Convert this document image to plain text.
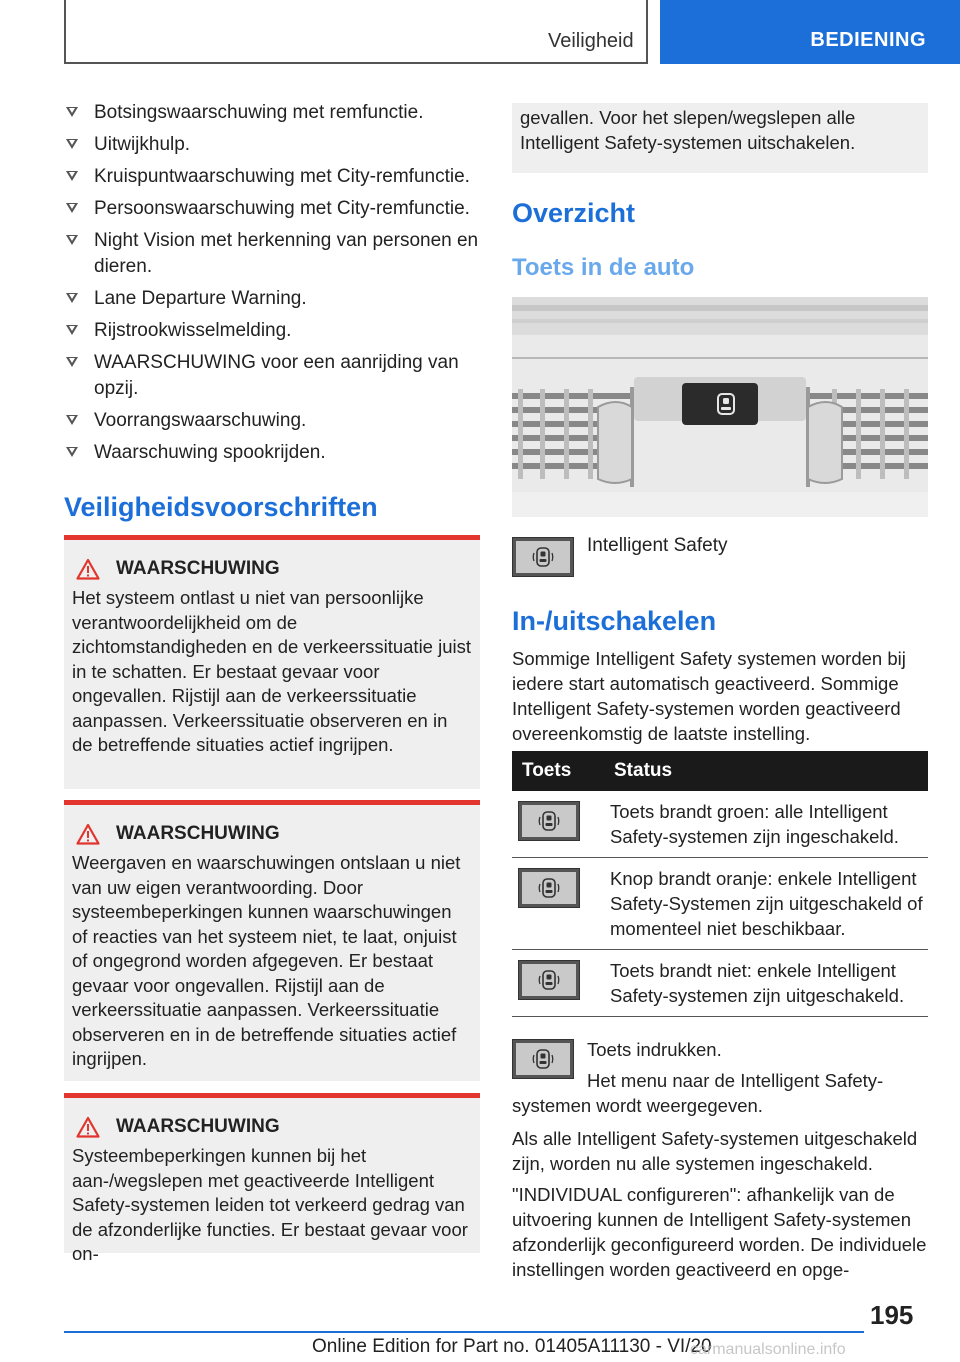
Veiligheid	BEDIENING
Botsingswaarschuwing met remfunctie.
Uitwijkhulp.
Kruispuntwaarschuwing met City-remfunctie.
Persoonswaarschuwing met City-remfunctie.
Night Vision met herkenning van personen en dieren.
Lane Departure Warning.
Rijstrookwisselmelding.
WAARSCHUWING voor een aanrijding van opzij.
Voorrangswaarschuwing.
Waarschuwing spookrijden.
Veiligheidsvoorschriften
WAARSCHUWING
Het systeem ontlast u niet van persoonlijke verantwoordelijkheid om de zichtomstandigheden en de verkeerssituatie juist in te schatten. Er bestaat gevaar voor ongevallen. Rijstijl aan de verkeerssituatie aanpassen. Verkeerssituatie observeren en in de betreffende situaties actief ingrijpen.
WAARSCHUWING
Weergaven en waarschuwingen ontslaan u niet van uw eigen verantwoording. Door systeembeperkingen kunnen waarschuwingen of reacties van het systeem niet, te laat, onjuist of ongegrond worden afgegeven. Er bestaat gevaar voor ongevallen. Rijstijl aan de verkeerssituatie aanpassen. Verkeerssituatie observeren en in de betreffende situaties actief ingrijpen.
WAARSCHUWING
Systeembeperkingen kunnen bij het aan-/wegslepen met geactiveerde Intelligent Safety-systemen leiden tot verkeerd gedrag van de afzonderlijke functies. Er bestaat gevaar voor on-
gevallen. Voor het slepen/wegslepen alle Intelligent Safety-systemen uitschakelen.
Overzicht
Toets in de auto
Intelligent Safety
In-/uitschakelen
Sommige Intelligent Safety systemen worden bij iedere start automatisch geactiveerd. Sommige Intelligent Safety-systemen worden geactiveerd overeenkomstig de laatste instelling.
Toets	Status

	Toets brandt groen: alle Intelligent Safety-systemen zijn ingeschakeld.

	Knop brandt oranje: enkele Intelligent Safety-Systemen zijn uitgeschakeld of momenteel niet beschikbaar.

	Toets brandt niet: enkele Intelligent Safety-systemen zijn uitgeschakeld.
Toets indrukken.
Het menu naar de Intelligent Safety-systemen wordt weergegeven.
Als alle Intelligent Safety-systemen uitgeschakeld zijn, worden nu alle systemen ingeschakeld.
"INDIVIDUAL configureren": afhankelijk van de uitvoering kunnen de Intelligent Safety-systemen afzonderlijk geconfigureerd worden. De individuele instellingen worden geactiveerd en opge-
195
Online Edition for Part no. 01405A11130 - VI/20
carmanualsonline.info
